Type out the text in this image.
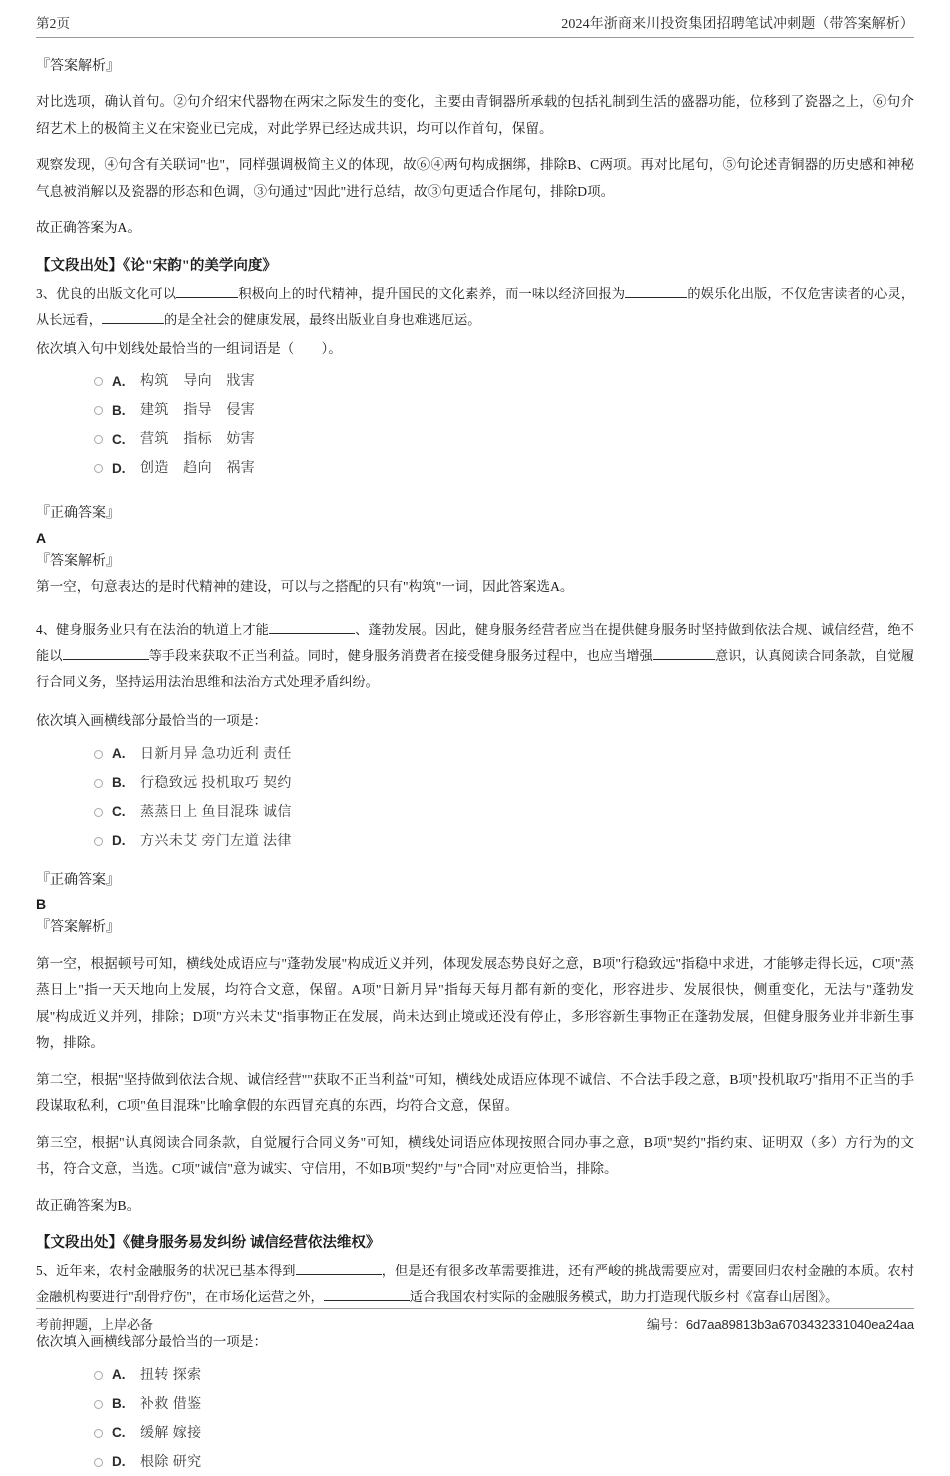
第2页	2024年浙商来川投资集团招聘笔试冲刺题（带答案解析）

『答案解析』

对比选项，确认首句。②句介绍宋代器物在两宋之际发生的变化，主要由青铜器所承载的包括礼制到生活的盛器功能，位移到了瓷器之上，⑥句介绍艺术上的极简主义在宋瓷业已完成，对此学界已经达成共识，均可以作首句，保留。

观察发现，④句含有关联词"也"，同样强调极简主义的体现，故⑥④两句构成捆绑，排除B、C两项。再对比尾句，⑤句论述青铜器的历史感和神秘气息被消解以及瓷器的形态和色调，③句通过"因此"进行总结，故③句更适合作尾句，排除D项。

故正确答案为A。

【文段出处】《论"宋韵"的美学向度》

3、优良的出版文化可以	积极向上的时代精神，提升国民的文化素养，而一味以经济回报为	的娱乐化出版，不仅危害读者的心灵，从长远看，	的是全社会的健康发展，最终出版业自身也难逃厄运。

依次填入句中划线处最恰当的一组词语是（　　）。

A.	构筑　导向　戕害
B.	建筑　指导　侵害
C.	营筑　指标　妨害
D.	创造　趋向　祸害

『正确答案』

A

『答案解析』

第一空，句意表达的是时代精神的建设，可以与之搭配的只有"构筑"一词，因此答案选A。

4、健身服务业只有在法治的轨道上才能	、蓬勃发展。因此，健身服务经营者应当在提供健身服务时坚持做到依法合规、诚信经营，绝不能以	等手段来获取不正当利益。同时，健身服务消费者在接受健身服务过程中，也应当增强	意识，认真阅读合同条款，自觉履行合同义务，坚持运用法治思维和法治方式处理矛盾纠纷。

依次填入画横线部分最恰当的一项是：

A.	日新月异 急功近利 责任
B.	行稳致远 投机取巧 契约
C.	蒸蒸日上 鱼目混珠 诚信
D.	方兴未艾 旁门左道 法律

『正确答案』

B

『答案解析』

第一空，根据顿号可知，横线处成语应与"蓬勃发展"构成近义并列，体现发展态势良好之意，B项"行稳致远"指稳中求进，才能够走得长远，C项"蒸蒸日上"指一天天地向上发展，均符合文意，保留。A项"日新月异"指每天每月都有新的变化，形容进步、发展很快，侧重变化，无法与"蓬勃发展"构成近义并列，排除；D项"方兴未艾"指事物正在发展，尚未达到止境或还没有停止，多形容新生事物正在蓬勃发展，但健身服务业并非新生事物，排除。

第二空，根据"坚持做到依法合规、诚信经营""获取不正当利益"可知，横线处成语应体现不诚信、不合法手段之意，B项"投机取巧"指用不正当的手段谋取私利，C项"鱼目混珠"比喻拿假的东西冒充真的东西，均符合文意，保留。

第三空，根据"认真阅读合同条款，自觉履行合同义务"可知，横线处词语应体现按照合同办事之意，B项"契约"指约束、证明双（多）方行为的文书，符合文意，当选。C项"诚信"意为诚实、守信用，不如B项"契约"与"合同"对应更恰当，排除。

故正确答案为B。

【文段出处】《健身服务易发纠纷 诚信经营依法维权》

5、近年来，农村金融服务的状况已基本得到	，但是还有很多改革需要推进，还有严峻的挑战需要应对，需要回归农村金融的本质。农村金融机构要进行"刮骨疗伤"，在市场化运营之外，	适合我国农村实际的金融服务模式，助力打造现代版乡村《富春山居图》。

依次填入画横线部分最恰当的一项是：

A.	扭转 探索
B.	补救 借鉴
C.	缓解 嫁接
D.	根除 研究
考前押题，上岸必备	编号：6d7aa89813b3a6703432331040ea24aa
